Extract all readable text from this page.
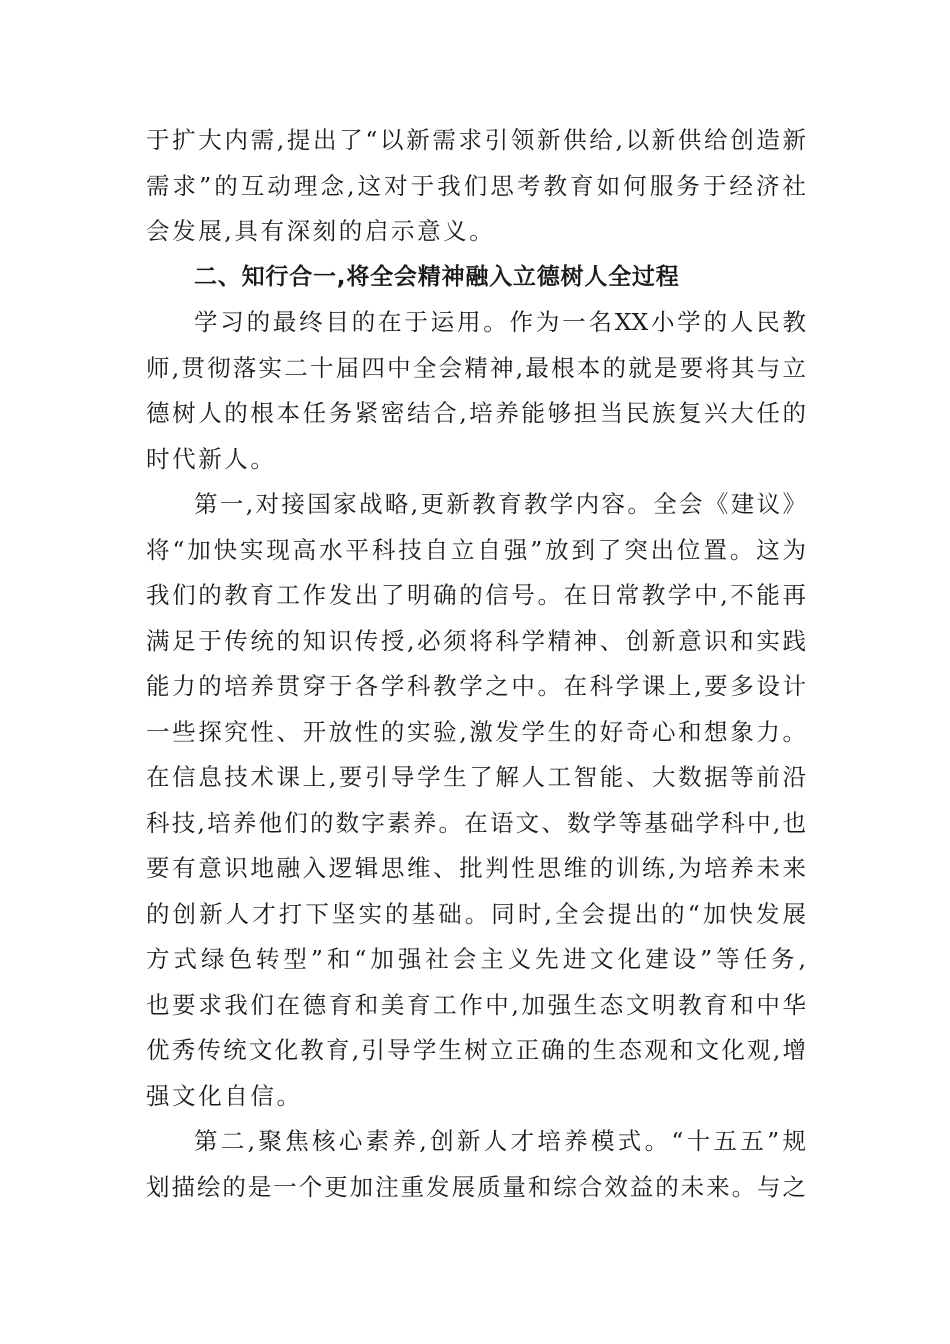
于扩大内需,提出了“以新需求引领新供给,以新供给创造新
需求”的互动理念,这对于我们思考教育如何服务于经济社
会发展,具有深刻的启示意义。
二、知行合一,将全会精神融入立德树人全过程
学习的最终目的在于运用。作为一名XX小学的人民教
师,贯彻落实二十届四中全会精神,最根本的就是要将其与立
德树人的根本任务紧密结合,培养能够担当民族复兴大任的
时代新人。
第一,对接国家战略,更新教育教学内容。全会《建议》
将“加快实现高水平科技自立自强”放到了突出位置。这为
我们的教育工作发出了明确的信号。在日常教学中,不能再
满足于传统的知识传授,必须将科学精神、创新意识和实践
能力的培养贯穿于各学科教学之中。在科学课上,要多设计
一些探究性、开放性的实验,激发学生的好奇心和想象力。
在信息技术课上,要引导学生了解人工智能、大数据等前沿
科技,培养他们的数字素养。在语文、数学等基础学科中,也
要有意识地融入逻辑思维、批判性思维的训练,为培养未来
的创新人才打下坚实的基础。同时,全会提出的“加快发展
方式绿色转型”和“加强社会主义先进文化建设”等任务,
也要求我们在德育和美育工作中,加强生态文明教育和中华
优秀传统文化教育,引导学生树立正确的生态观和文化观,增
强文化自信。
第二,聚焦核心素养,创新人才培养模式。“十五五”规
划描绘的是一个更加注重发展质量和综合效益的未来。与之
